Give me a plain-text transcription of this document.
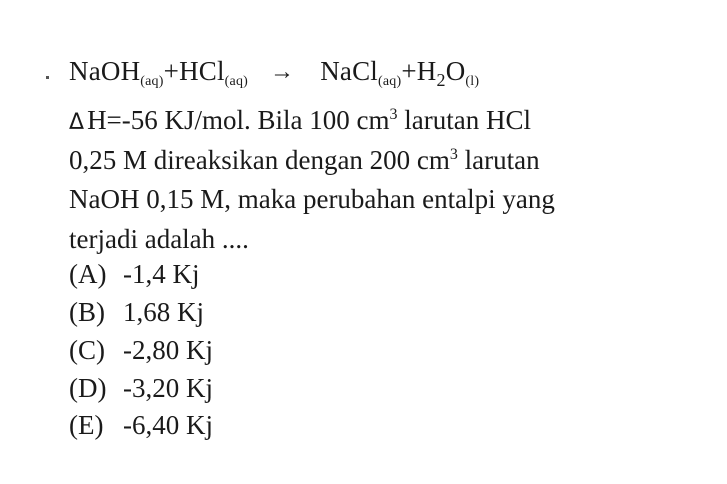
NaOH(aq)+HCl(aq) → $NaCl(aq)+H_2O(l)$
Δ H=-56 KJ/mol. Bila 100 $cm^3$ larutan HCl
0,25 M direaksikan dengan 200 $cm^3$ larutan
NaOH 0,15 M, maka perubahan entalpi yang
terjadi adalah ....
(A) -1,4 Kj
(B) 1,68 Kj
(C) -2,80 Kj
(D) -3,20 Kj
(E) -6,40 Kj
